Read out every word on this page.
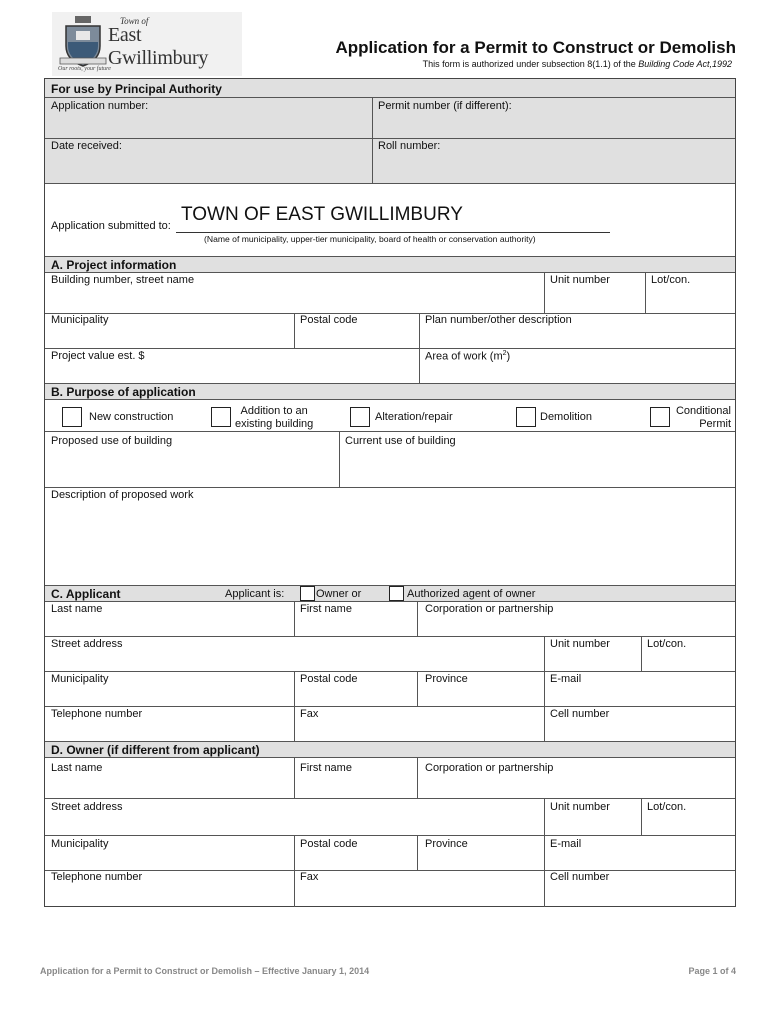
Town of
East Gwillimbury
Our roots, your future
Application for a Permit to Construct or Demolish
This form is authorized under subsection 8(1.1) of the Building Code Act,1992
For use by Principal Authority
Application number:	Permit number (if different):
Date received:	Roll number:
Application submitted to:
TOWN OF EAST GWILLIMBURY
(Name of municipality, upper-tier municipality, board of health or conservation authority)
A. Project information
Building number, street name	Unit number	Lot/con.
Municipality	Postal code	Plan number/other description
Project value est. $	Area of work $(m^2)$
B. Purpose of application
New construction	Addition to an
existing building
Alteration/repair	Demolition	Conditional
Permit
Proposed use of building	Current use of building
Description of proposed work
C. Applicant	Applicant is:	Owner or	Authorized agent of owner
Last name	First name	Corporation or partnership
Street address	Unit number	Lot/con.
Municipality	Postal code	Province	E-mail
Telephone number	Fax	Cell number
D. Owner (if different from applicant)
Last name	First name	Corporation or partnership
Street address	Unit number	Lot/con.
Municipality	Postal code	Province	E-mail
Telephone number	Fax	Cell number
Application for a Permit to Construct or Demolish – Effective January 1, 2014	Page 1 of 4
